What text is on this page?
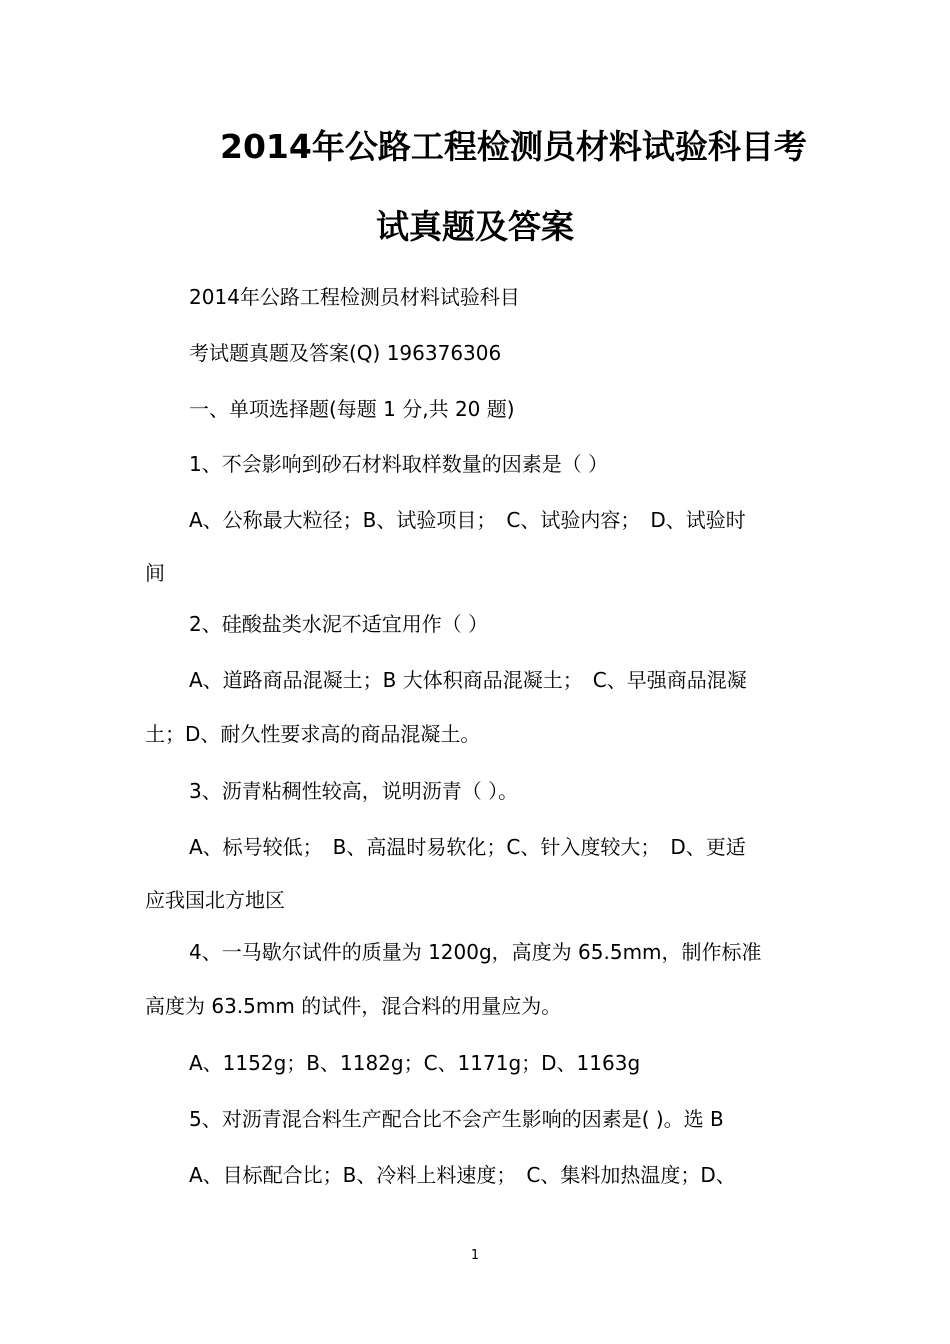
2014年公路工程检测员材料试验科目考
试真题及答案
2014年公路工程检测员材料试验科目
考试题真题及答案(Q) 196376306
一、单项选择题(每题 1 分,共 20 题)
1、不会影响到砂石材料取样数量的因素是（ ）
A、公称最大粒径；B、试验项目；　C、试验内容；　D、试验时
间
2、硅酸盐类水泥不适宜用作（ ）
A、道路商品混凝土；B 大体积商品混凝土；　C、早强商品混凝
土；D、耐久性要求高的商品混凝土。
3、沥青粘稠性较高，说明沥青（ ）。
A、标号较低；　B、高温时易软化；C、针入度较大；　D、更适
应我国北方地区
4、一马歇尔试件的质量为 1200g，高度为 65.5mm，制作标准
高度为 63.5mm 的试件，混合料的用量应为。
A、1152g；B、1182g；C、1171g；D、1163g
5、对沥青混合料生产配合比不会产生影响的因素是( )。选 B
A、目标配合比；B、冷料上料速度；　C、集料加热温度；D、
1
